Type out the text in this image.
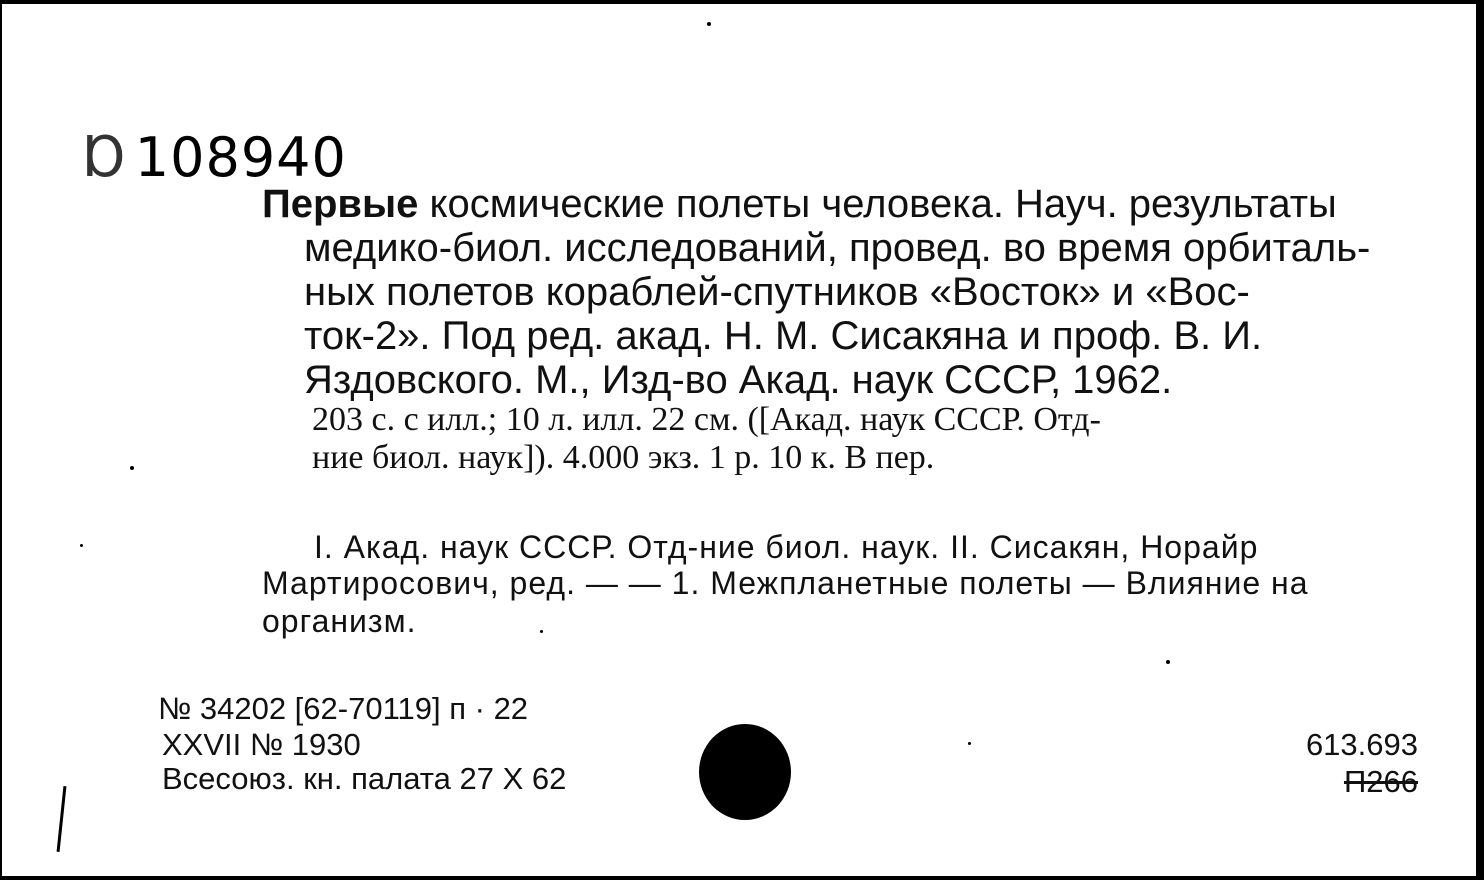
Ɒ 108940
Первые космические полеты человека. Науч. результаты
медико-биол. исследований, провед. во время орбиталь-
ных полетов кораблей-спутников «Восток» и «Вос-
ток-2». Под ред. акад. Н. М. Сисакяна и проф. В. И.
Яздовского. М., Изд-во Акад. наук СССР, 1962.
203 с. с илл.; 10 л. илл. 22 см. ([Акад. наук СССР. Отд-
ние биол. наук]). 4.000 экз. 1 р. 10 к. В пер.
I. Акад. наук СССР. Отд-ние биол. наук. II. Сисакян, Норайр
Мартиросович, ред. — — 1. Межпланетные полеты — Влияние на
организм.
№ 34202 [62-70119] п · 22
XXVII № 1930
Всесоюз. кн. палата 27 X 62
613.693
П266
